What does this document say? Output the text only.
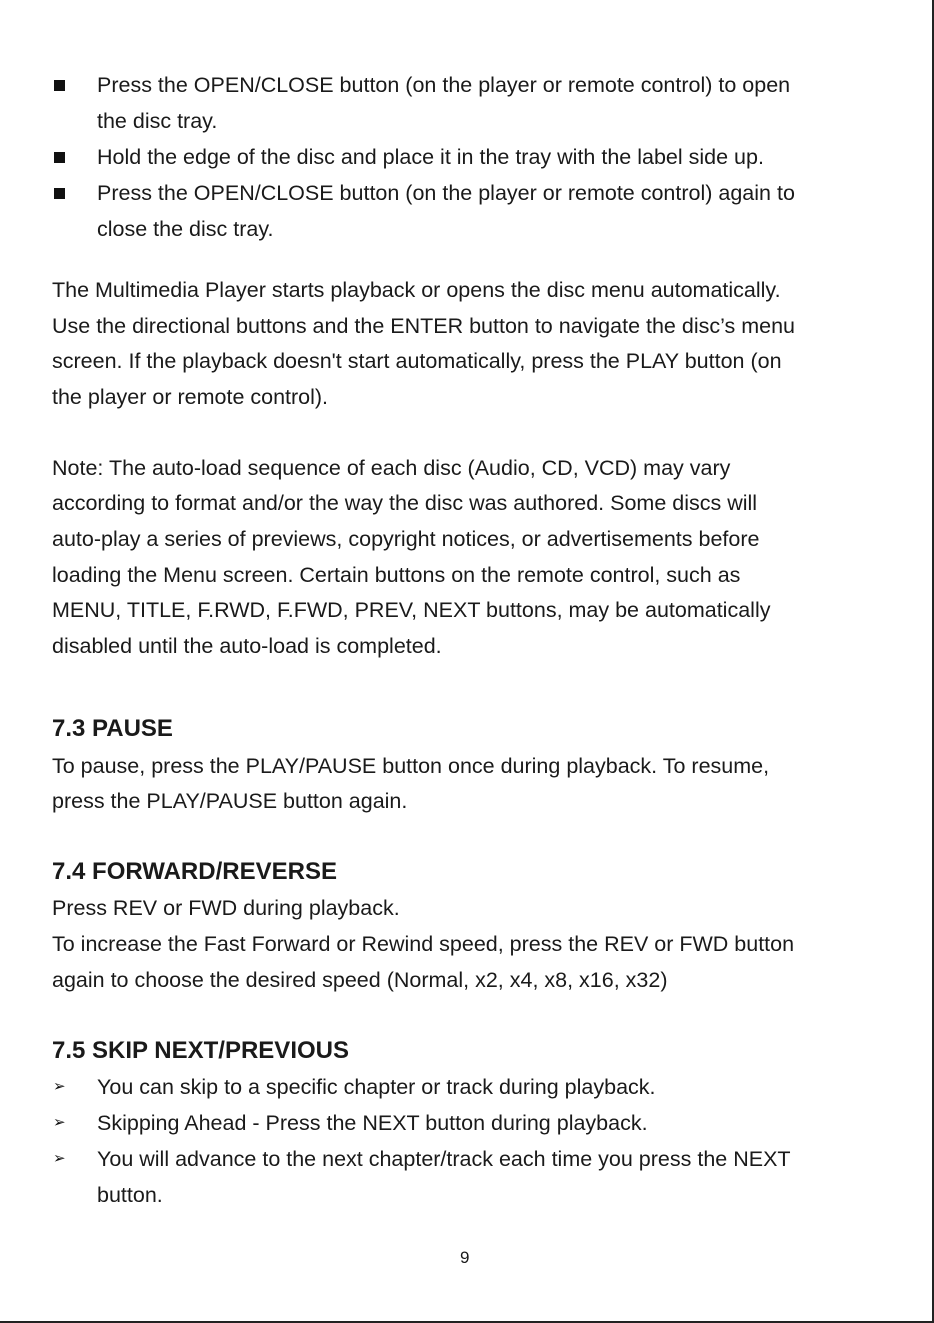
Press the OPEN/CLOSE button (on the player or remote control) to open
the disc tray.
Hold the edge of the disc and place it in the tray with the label side up.
Press the OPEN/CLOSE button (on the player or remote control) again to
close the disc tray.
The Multimedia Player starts playback or opens the disc menu automatically.
Use the directional buttons and the ENTER button to navigate the disc’s menu
screen. If the playback doesn't start automatically, press the PLAY button (on
the player or remote control).
Note: The auto-load sequence of each disc (Audio, CD, VCD) may vary
according to format and/or the way the disc was authored. Some discs will
auto-play a series of previews, copyright notices, or advertisements before
loading the Menu screen. Certain buttons on the remote control, such as
MENU, TITLE, F.RWD, F.FWD, PREV, NEXT buttons, may be automatically
disabled until the auto-load is completed.
7.3 PAUSE
To pause, press the PLAY/PAUSE button once during playback. To resume,
press the PLAY/PAUSE button again.
7.4 FORWARD/REVERSE
Press REV or FWD during playback.
To increase the Fast Forward or Rewind speed, press the REV or FWD button
again to choose the desired speed (Normal, x2, x4, x8, x16, x32)
7.5 SKIP NEXT/PREVIOUS
➢ You can skip to a specific chapter or track during playback.
➢ Skipping Ahead - Press the NEXT button during playback.
➢ You will advance to the next chapter/track each time you press the NEXT
button.
9
